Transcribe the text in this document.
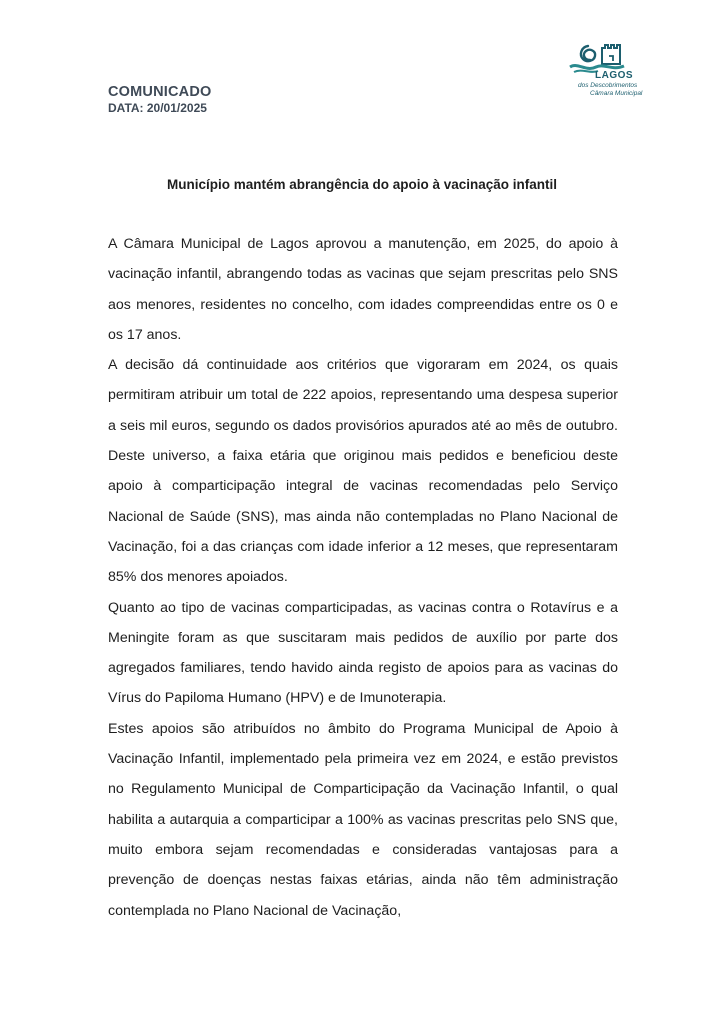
LAGOS
dos Descobrimentos
Câmara Municipal
COMUNICADO
DATA: 20/01/2025
Município mantém abrangência do apoio à vacinação infantil

A Câmara Municipal de Lagos aprovou a manutenção, em 2025, do apoio à vacinação infantil, abrangendo todas as vacinas que sejam prescritas pelo SNS aos menores, residentes no concelho, com idades compreendidas entre os 0 e os 17 anos.

A decisão dá continuidade aos critérios que vigoraram em 2024, os quais permitiram atribuir um total de 222 apoios, representando uma despesa superior a seis mil euros, segundo os dados provisórios apurados até ao mês de outubro. Deste universo, a faixa etária que originou mais pedidos e beneficiou deste apoio à comparticipação integral de vacinas recomendadas pelo Serviço Nacional de Saúde (SNS), mas ainda não contempladas no Plano Nacional de Vacinação, foi a das crianças com idade inferior a 12 meses, que representaram 85% dos menores apoiados.

Quanto ao tipo de vacinas comparticipadas, as vacinas contra o Rotavírus e a Meningite foram as que suscitaram mais pedidos de auxílio por parte dos agregados familiares, tendo havido ainda registo de apoios para as vacinas do Vírus do Papiloma Humano (HPV) e de Imunoterapia.

Estes apoios são atribuídos no âmbito do Programa Municipal de Apoio à Vacinação Infantil, implementado pela primeira vez em 2024, e estão previstos no Regulamento Municipal de Comparticipação da Vacinação Infantil, o qual habilita a autarquia a comparticipar a 100% as vacinas prescritas pelo SNS que, muito embora sejam recomendadas e consideradas vantajosas para a prevenção de doenças nestas faixas etárias, ainda não têm administração contemplada no Plano Nacional de Vacinação,
